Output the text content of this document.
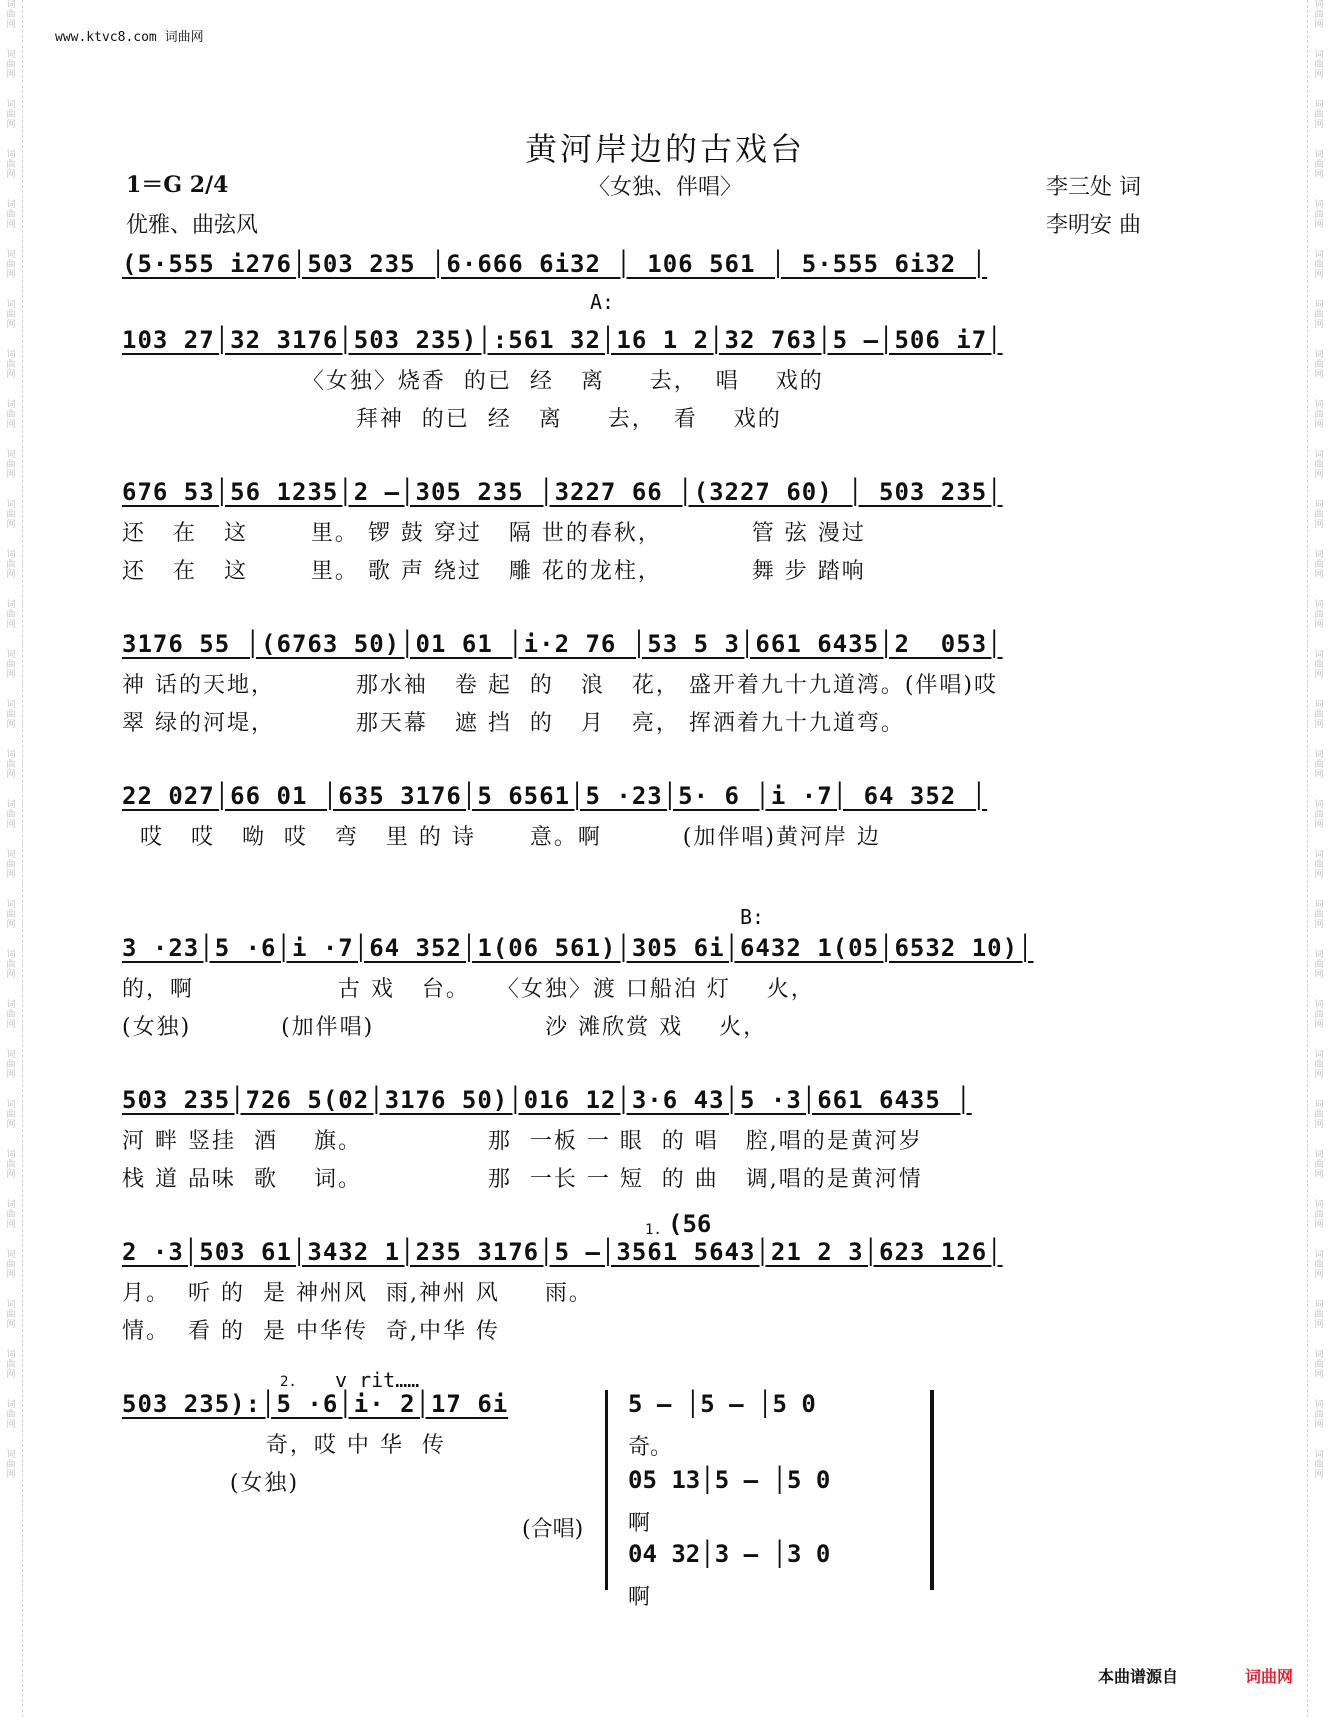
词
曲
网

词
曲
网

词
曲
网

词
曲
网

词
曲
网

词
曲
网

词
曲
网

词
曲
网

词
曲
网

词
曲
网

词
曲
网

词
曲
网

词
曲
网

词
曲
网

词
曲
网

词
曲
网

词
曲
网

词
曲
网

词
曲
网

词
曲
网

词
曲
网

词
曲
网

词
曲
网

词
曲
网

词
曲
网

词
曲
网

词
曲
网

词
曲
网

词
曲
网

词
曲
网

词
曲
网

词
曲
网

词
曲
网

词
曲
网

词
曲
网

词
曲
网

词
曲
网

词
曲
网

词
曲
网

词
曲
网

词
曲
网

词
曲
网

词
曲
网

词
曲
网

词
曲
网

词
曲
网

词
曲
网

词
曲
网

词
曲
网

词
曲
网

词
曲
网

词
曲
网

词
曲
网

词
曲
网

词
曲
网

词
曲
网

词
曲
网

词
曲
网

词
曲
网

词
曲
网

www.ktvc8.com 词曲网
黄河岸边的古戏台
〈女独、伴唱〉
1＝G 2/4
优雅、曲弦风
李三处 词
李明安 曲
A:
B:
1.
2. v rit……
(5·555 i276│503 235 │6·666 6i32 │ 106 561 │ 5·555 6i32 │
103 27│32 3176│503 235)│:561 32│16 1 2│32 763│5 –│506 i7│
〈女独〉烧香  的已  经   离     去，  唱    戏的
拜神  的已  经   离     去，  看    戏的
676 53│56 1235│2 –│305 235 │3227 66 │(3227 60) │ 503 235│
还   在   这       里。 锣 鼓 穿过   隔 世的春秋，          管 弦 漫过
还   在   这       里。 歌 声 绕过   雕 花的龙柱，          舞 步 踏响
3176 55 │(6763 50)│01 61 │i·2 76 │53 5 3│661 6435│2  053│
神 话的天地，         那水袖   卷 起  的   浪   花， 盛开着九十九道湾。(伴唱)哎
翠 绿的河堤，         那天幕   遮 挡  的   月   亮， 挥洒着九十九道弯。
22 027│66 01 │635 3176│5 6561│5 ·23│5· 6 │i ·7│ 64 352 │
哎   哎   呦  哎   弯   里 的 诗      意。啊         (加伴唱)黄河岸 边
3 ·23│5 ·6│i ·7│64 352│1(06 561)│305 6i│6432 1(05│6532 10)│
的，啊                古 戏   台。   〈女独〉渡 口船泊 灯    火，
(女独)          (加伴唱)                   沙 滩欣赏 戏    火，
503 235│726 5(02│3176 50)│016 12│3·6 43│5 ·3│661 6435 │
河 畔 竖挂  酒    旗。              那  一板 一 眼  的 唱   腔,唱的是黄河岁
栈 道 品味  歌    词。              那  一长 一 短  的 曲   调,唱的是黄河情
2 ·3│503 61│3432 1│235 3176│5 –│3561 5643│21 2 3│623 126│
月。  听 的  是 神州风  雨,神州 风     雨。
情。  看 的  是 中华传  奇,中华 传
503 235):│5 ·6│i· 2│17 6i
奇，哎 中 华  传
(女独)
(56
5 – │5 – │5 0
奇。
05 13│5 – │5 0
啊
04 32│3 – │3 0
啊
(合唱)
本曲谱源自	词曲网
